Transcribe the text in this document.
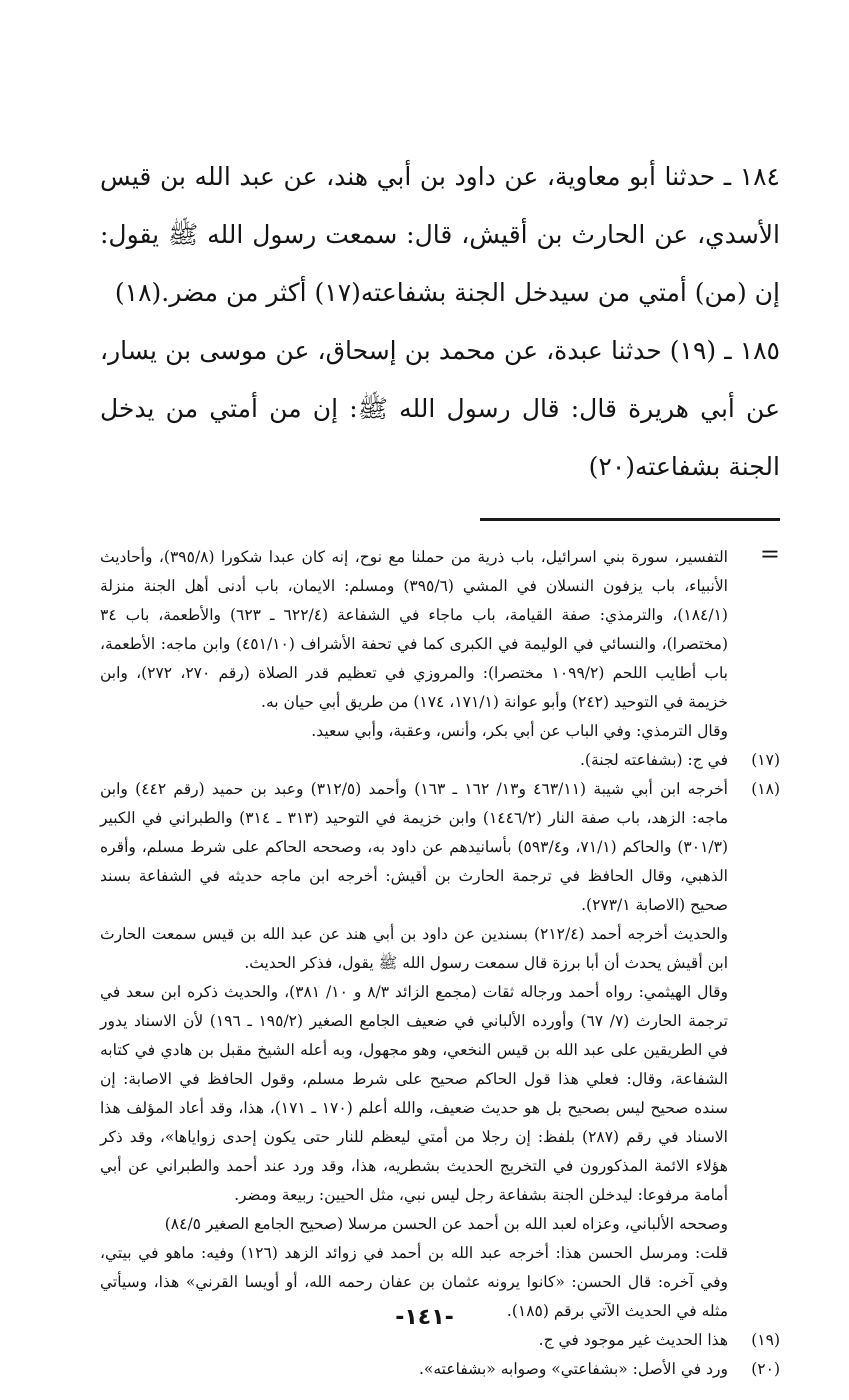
١٨٤ ـ حدثنا أبو معاوية، عن داود بن أبي هند، عن عبد الله بن قيس الأسدي، عن الحارث بن أقيش، قال: سمعت رسول الله ﷺ يقول: إن (من) أمتي من سيدخل الجنة بشفاعته(١٧) أكثر من مضر.(١٨)

١٨٥ ـ (١٩) حدثنا عبدة، عن محمد بن إسحاق، عن موسى بن يسار، عن أبي هريرة قال: قال رسول الله ﷺ: إن من أمتي من يدخل الجنة بشفاعته(٢٠)

=

التفسير، سورة بني اسرائيل، باب ذرية من حملنا مع نوح، إنه كان عبدا شكورا (٣٩٥/٨)، وأحاديث الأنبياء، باب يزفون النسلان في المشي (٣٩٥/٦) ومسلم: الايمان، باب أدنى أهل الجنة منزلة (١٨٤/١)، والترمذي: صفة القيامة، باب ماجاء في الشفاعة (٦٢٢/٤ ـ ٦٢٣) والأطعمة، باب ٣٤ (مختصرا)، والنسائي في الوليمة في الكبرى كما في تحفة الأشراف (٤٥١/١٠) وابن ماجه: الأطعمة، باب أطايب اللحم (١٠٩٩/٢ مختصرا): والمروزي في تعظيم قدر الصلاة (رقم ٢٧٠، ٢٧٢)، وابن خزيمة في التوحيد (٢٤٢) وأبو عوانة (١٧١/١، ١٧٤) من طريق أبي حيان به.

وقال الترمذي: وفي الباب عن أبي بكر، وأنس، وعقبة، وأبي سعيد.

(١٧)

في ج: (بشفاعته لجنة).

(١٨)

أخرجه ابن أبي شيبة (٤٦٣/١١ و١٣/ ١٦٢ ـ ١٦٣) وأحمد (٣١٢/٥) وعبد بن حميد (رقم ٤٤٢) وابن ماجه: الزهد، باب صفة النار (١٤٤٦/٢) وابن خزيمة في التوحيد (٣١٣ ـ ٣١٤) والطبراني في الكبير (٣٠١/٣) والحاكم (٧١/١، و٥٩٣/٤) بأسانيدهم عن داود به، وصححه الحاكم على شرط مسلم، وأقره الذهبي، وقال الحافظ في ترجمة الحارث بن أقيش: أخرجه ابن ماجه حديثه في الشفاعة بسند صحيح (الاصابة ٢٧٣/١).

والحديث أخرجه أحمد (٢١٢/٤) بسندين عن داود بن أبي هند عن عبد الله بن قيس سمعت الحارث ابن أقيش يحدث أن أبا برزة قال سمعت رسول الله ﷺ يقول، فذكر الحديث.

وقال الهيثمي: رواه أحمد ورجاله ثقات (مجمع الزائد ٨/٣ و ١٠/ ٣٨١)، والحديث ذكره ابن سعد في ترجمة الحارث (٧/ ٦٧) وأورده الألباني في ضعيف الجامع الصغير (١٩٥/٢ ـ ١٩٦) لأن الاسناد يدور في الطريقين على عبد الله بن قيس النخعي، وهو مجهول، وبه أعله الشيخ مقبل بن هادي في كتابه الشفاعة، وقال: فعلي هذا قول الحاكم صحيح على شرط مسلم، وقول الحافظ في الاصابة: إن سنده صحيح ليس بصحيح بل هو حديث ضعيف، والله أعلم (١٧٠ ـ ١٧١)، هذا، وقد أعاد المؤلف هذا الاسناد في رقم (٢٨٧) بلفظ: إن رجلا من أمتي ليعظم للنار حتى يكون إحدى زواياها»، وقد ذكر هؤلاء الائمة المذكورون في التخريج الحديث بشطريه، هذا، وقد ورد عند أحمد والطبراني عن أبي أمامة مرفوعا: ليدخلن الجنة بشفاعة رجل ليس نبي، مثل الحيين: ربيعة ومضر.

وصححه الألباني، وعزاه لعبد الله بن أحمد عن الحسن مرسلا (صحيح الجامع الصغير ٨٤/٥)

قلت: ومرسل الحسن هذا: أخرجه عبد الله بن أحمد في زوائد الزهد (١٢٦) وفيه: ماهو في بيتي، وفي آخره: قال الحسن: «كانوا يرونه عثمان بن عفان رحمه الله، أو أويسا القرني» هذا، وسيأتي مثله في الحديث الآتي برقم (١٨٥).

(١٩)

هذا الحديث غير موجود في ج.

(٢٠)

ورد في الأصل: «بشفاعتي» وصوابه «بشفاعته».

-١٤١-
